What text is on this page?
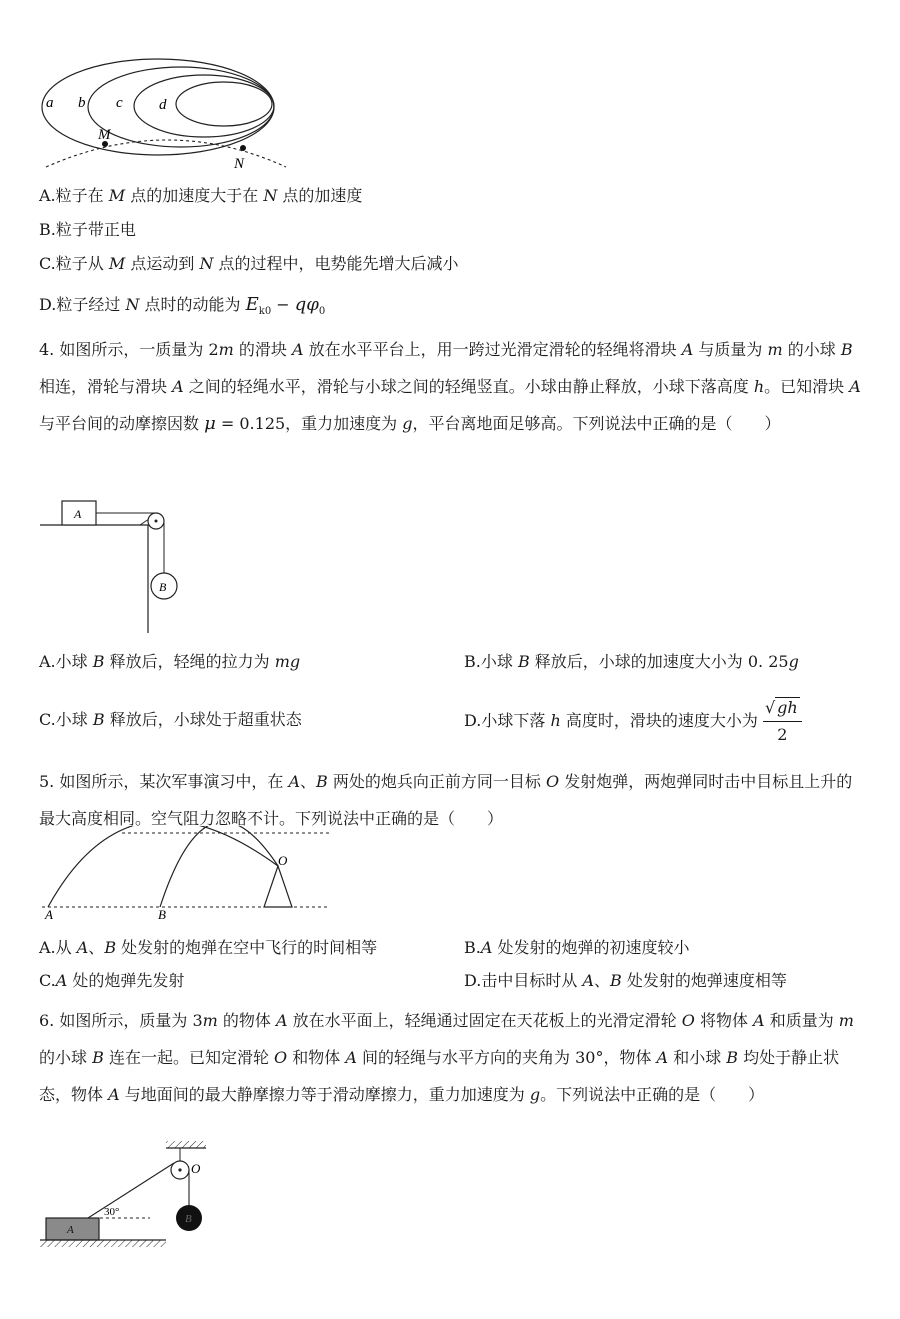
a b c d
M
N
A.粒子在 M 点的加速度大于在 N 点的加速度
B.粒子带正电
C.粒子从 M 点运动到 N 点的过程中，电势能先增大后减小
D.粒子经过 N 点时的动能为 $E_{k0} - q\varphi_0$
4. 如图所示，一质量为 2m 的滑块 A 放在水平平台上，用一跨过光滑定滑轮的轻绳将滑块 A 与质量为 m 的小球 B 相连，滑轮与滑块 A 之间的轻绳水平，滑轮与小球之间的轻绳竖直。小球由静止释放，小球下落高度 h。已知滑块 A 与平台间的动摩擦因数 μ = 0.125，重力加速度为 g，平台离地面足够高。下列说法中正确的是（　　）
A
B
A.小球 B 释放后，轻绳的拉力为 mg	B.小球 B 释放后，小球的加速度大小为 0. 25g
C.小球 B 释放后，小球处于超重状态	D.小球下落 h 高度时，滑块的速度大小为 $\frac{√ gh}{2}$
5. 如图所示，某次军事演习中，在 A、B 两处的炮兵向正前方同一目标 O 发射炮弹，两炮弹同时击中目标且上升的最大高度相同。空气阻力忽略不计。下列说法中正确的是（　　）
A	B
O
A.从 A、B 处发射的炮弹在空中飞行的时间相等	B.A 处发射的炮弹的初速度较小
C.A 处的炮弹先发射	D.击中目标时从 A、B 处发射的炮弹速度相等
6. 如图所示，质量为 3m 的物体 A 放在水平面上，轻绳通过固定在天花板上的光滑定滑轮 O 将物体 A 和质量为 m 的小球 B 连在一起。已知定滑轮 O 和物体 A 间的轻绳与水平方向的夹角为 30°，物体 A 和小球 B 均处于静止状态，物体 A 与地面间的最大静摩擦力等于滑动摩擦力，重力加速度为 g。下列说法中正确的是（　　）
O
30°
A
B
